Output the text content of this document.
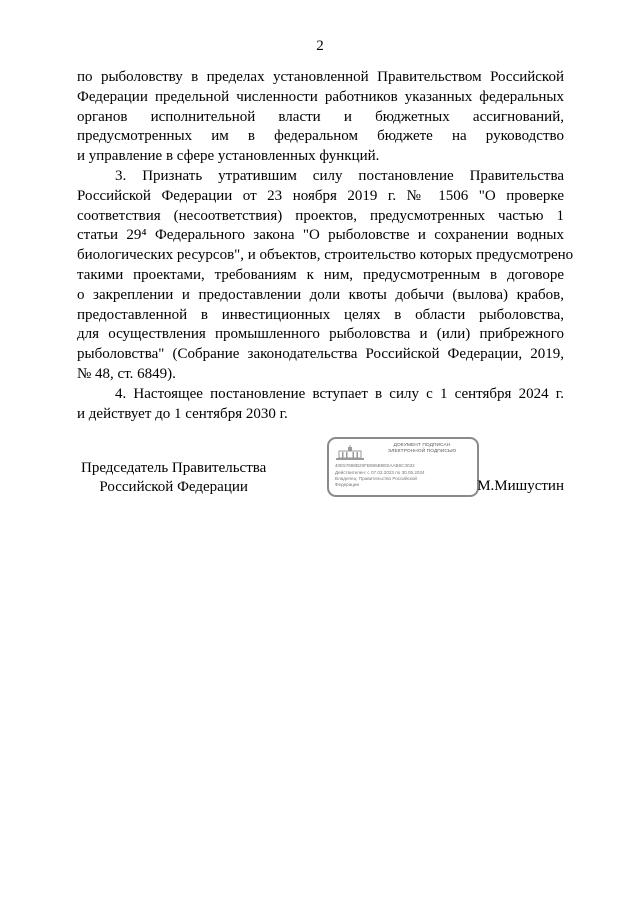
2

по рыболовству в пределах установленной Правительством Российской
Федерации предельной численности работников указанных федеральных
органов исполнительной власти и бюджетных ассигнований,
предусмотренных им в федеральном бюджете на руководство
и управление в сфере установленных функций.

3. Признать утратившим силу постановление Правительства
Российской Федерации от 23 ноября 2019 г. № 1506 "О проверке
соответствия (несоответствия) проектов, предусмотренных частью 1
статьи 29⁴ Федерального закона "О рыболовстве и сохранении водных
биологических ресурсов", и объектов, строительство которых предусмотрено
такими проектами, требованиям к ним, предусмотренным в договоре
о закреплении и предоставлении доли квоты добычи (вылова) крабов,
предоставленной в инвестиционных целях в области рыболовства,
для осуществления промышленного рыболовства и (или) прибрежного
рыболовства" (Собрание законодательства Российской Федерации, 2019,
№ 48, ст. 6849).

4. Настоящее постановление вступает в силу с 1 сентября 2024 г.
и действует до 1 сентября 2030 г.

Председатель Правительства
Российской Федерации
ДОКУМЕНТ ПОДПИСАН
ЭЛЕКТРОННОЙ ПОДПИСЬЮ
40E57888B20FB985B9EEAAB6C3032
Действителен: с 07.03.2023 по 30.05.2024
Владелец: Правительство Российской
Федерации	М.Мишустин
